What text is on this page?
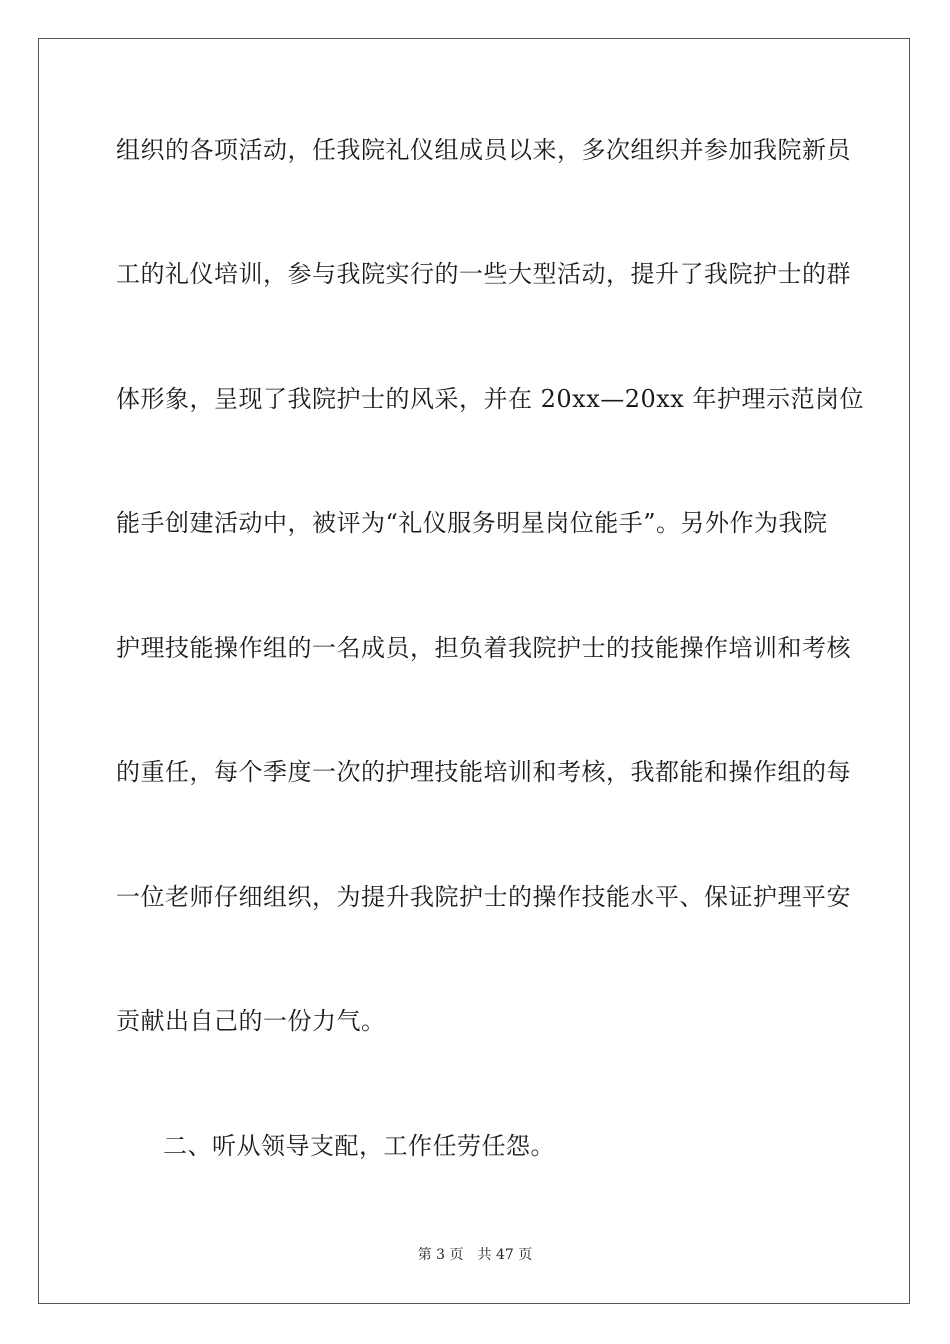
组织的各项活动，任我院礼仪组成员以来，多次组织并参加我院新员
工的礼仪培训，参与我院实行的一些大型活动，提升了我院护士的群
体形象，呈现了我院护士的风采，并在 20xx—20xx 年护理示范岗位
能手创建活动中，被评为“礼仪服务明星岗位能手”。另外作为我院
护理技能操作组的一名成员，担负着我院护士的技能操作培训和考核
的重任，每个季度一次的护理技能培训和考核，我都能和操作组的每
一位老师仔细组织，为提升我院护士的操作技能水平、保证护理平安
贡献出自己的一份力气。
二、听从领导支配，工作任劳任怨。
第 3 页 共 47 页
